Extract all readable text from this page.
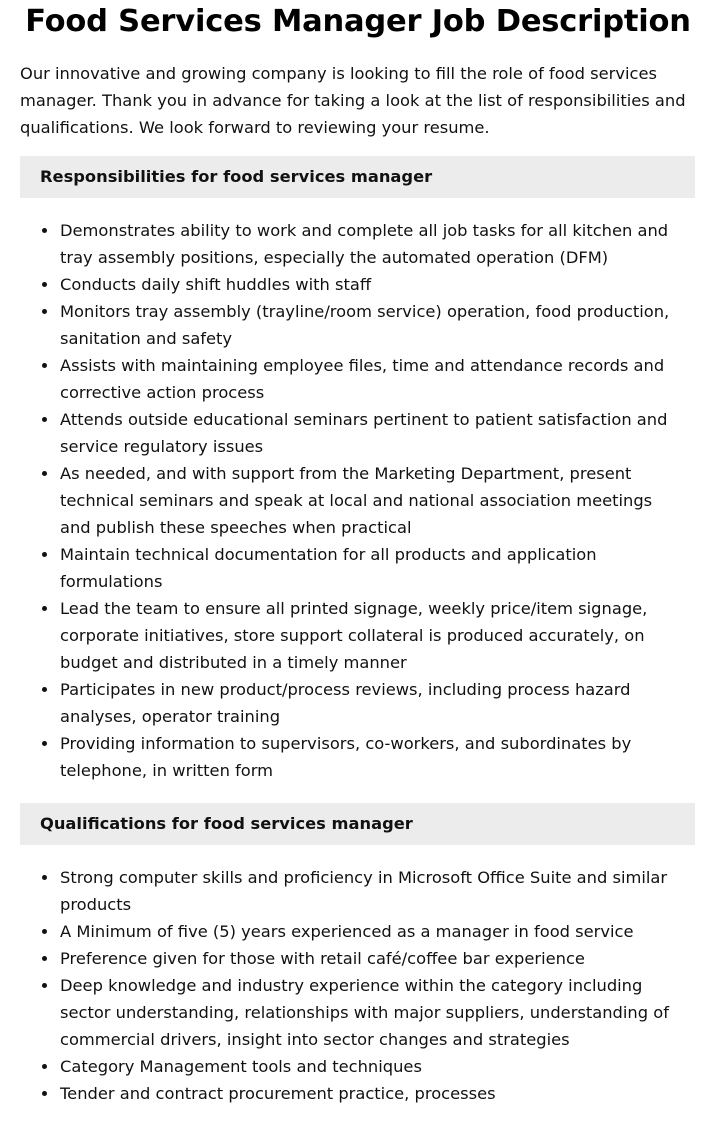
Food Services Manager Job Description

Our innovative and growing company is looking to fill the role of food services manager. Thank you in advance for taking a look at the list of responsibilities and qualifications. We look forward to reviewing your resume.

Responsibilities for food services manager
Demonstrates ability to work and complete all job tasks for all kitchen and tray assembly positions, especially the automated operation (DFM)
Conducts daily shift huddles with staff
Monitors tray assembly (trayline/room service) operation, food production, sanitation and safety
Assists with maintaining employee files, time and attendance records and corrective action process
Attends outside educational seminars pertinent to patient satisfaction and service regulatory issues
As needed, and with support from the Marketing Department, present technical seminars and speak at local and national association meetings and publish these speeches when practical
Maintain technical documentation for all products and application formulations
Lead the team to ensure all printed signage, weekly price/item signage, corporate initiatives, store support collateral is produced accurately, on budget and distributed in a timely manner
Participates in new product/process reviews, including process hazard analyses, operator training
Providing information to supervisors, co-workers, and subordinates by telephone, in written form
Qualifications for food services manager
Strong computer skills and proficiency in Microsoft Office Suite and similar products
A Minimum of five (5) years experienced as a manager in food service
Preference given for those with retail café/coffee bar experience
Deep knowledge and industry experience within the category including sector understanding, relationships with major suppliers, understanding of commercial drivers, insight into sector changes and strategies
Category Management tools and techniques
Tender and contract procurement practice, processes
